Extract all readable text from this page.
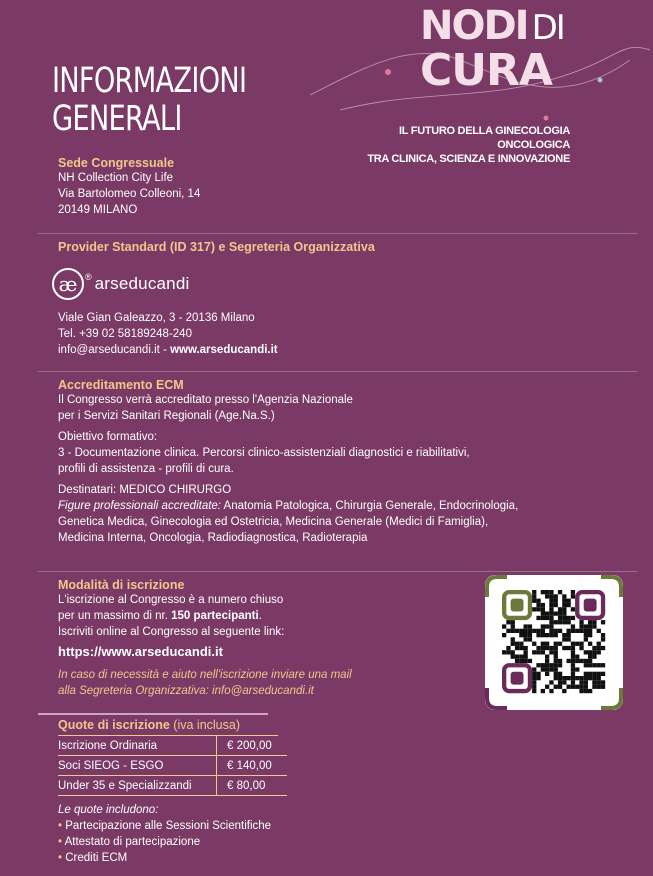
INFORMAZIONI
GENERALI
NODI DI
CURA
IL FUTURO DELLA GINECOLOGIA ONCOLOGICA
TRA CLINICA, SCIENZA E INNOVAZIONE
Sede Congressuale
NH Collection City Life
Via Bartolomeo Colleoni, 14
20149 MILANO
Provider Standard (ID 317) e Segreteria Organizzativa
æ ® arseducandi
Viale Gian Galeazzo, 3 - 20136 Milano
Tel. +39 02 58189248-240
info@arseducandi.it - www.arseducandi.it
Accreditamento ECM
Il Congresso verrà accreditato presso l'Agenzia Nazionale
per i Servizi Sanitari Regionali (Age.Na.S.)
Obiettivo formativo:
3 - Documentazione clinica. Percorsi clinico-assistenziali diagnostici e riabilitativi,
profili di assistenza - profili di cura.
Destinatari: MEDICO CHIRURGO
Figure professionali accreditate: Anatomia Patologica, Chirurgia Generale, Endocrinologia,
Genetica Medica, Ginecologia ed Ostetricia, Medicina Generale (Medici di Famiglia),
Medicina Interna, Oncologia, Radiodiagnostica, Radioterapia
Modalità di iscrizione
L'iscrizione al Congresso è a numero chiuso
per un massimo di nr. 150 partecipanti.
Iscriviti online al Congresso al seguente link:
https://www.arseducandi.it
In caso di necessità e aiuto nell'iscrizione inviare una mail
alla Segreteria Organizzativa: info@arseducandi.it
Quote di iscrizione (iva inclusa)
Iscrizione Ordinaria	€ 200,00
Soci SIEOG - ESGO	€ 140,00
Under 35 e Specializzandi	€ 80,00
Le quote includono:
• Partecipazione alle Sessioni Scientifiche
• Attestato di partecipazione
• Crediti ECM
